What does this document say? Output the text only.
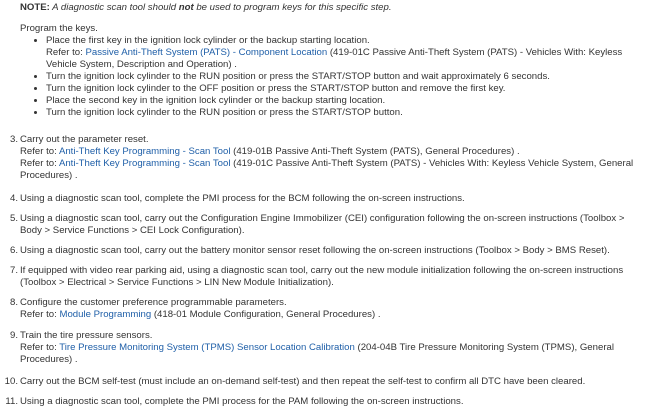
NOTE: A diagnostic scan tool should not be used to program keys for this specific step.
Program the keys.
• Place the first key in the ignition lock cylinder or the backup starting location.
Refer to: Passive Anti-Theft System (PATS) - Component Location (419-01C Passive Anti-Theft System (PATS) - Vehicles With: Keyless Vehicle System, Description and Operation) .
• Turn the ignition lock cylinder to the RUN position or press the START/STOP button and wait approximately 6 seconds.
• Turn the ignition lock cylinder to the OFF position or press the START/STOP button and remove the first key.
• Place the second key in the ignition lock cylinder or the backup starting location.
• Turn the ignition lock cylinder to the RUN position or press the START/STOP button.
3. Carry out the parameter reset.
Refer to: Anti-Theft Key Programming - Scan Tool (419-01B Passive Anti-Theft System (PATS), General Procedures) .
Refer to: Anti-Theft Key Programming - Scan Tool (419-01C Passive Anti-Theft System (PATS) - Vehicles With: Keyless Vehicle System, General Procedures) .
4. Using a diagnostic scan tool, complete the PMI process for the BCM following the on-screen instructions.
5. Using a diagnostic scan tool, carry out the Configuration Engine Immobilizer (CEI) configuration following the on-screen instructions (Toolbox > Body > Service Functions > CEI Lock Configuration).
6. Using a diagnostic scan tool, carry out the battery monitor sensor reset following the on-screen instructions (Toolbox > Body > BMS Reset).
7. If equipped with video rear parking aid, using a diagnostic scan tool, carry out the new module initialization following the on-screen instructions (Toolbox > Electrical > Service Functions > LIN New Module Initialization).
8. Configure the customer preference programmable parameters.
Refer to: Module Programming (418-01 Module Configuration, General Procedures) .
9. Train the tire pressure sensors.
Refer to: Tire Pressure Monitoring System (TPMS) Sensor Location Calibration (204-04B Tire Pressure Monitoring System (TPMS), General Procedures) .
10. Carry out the BCM self-test (must include an on-demand self-test) and then repeat the self-test to confirm all DTC have been cleared.
11. Using a diagnostic scan tool, complete the PMI process for the PAM following the on-screen instructions.
